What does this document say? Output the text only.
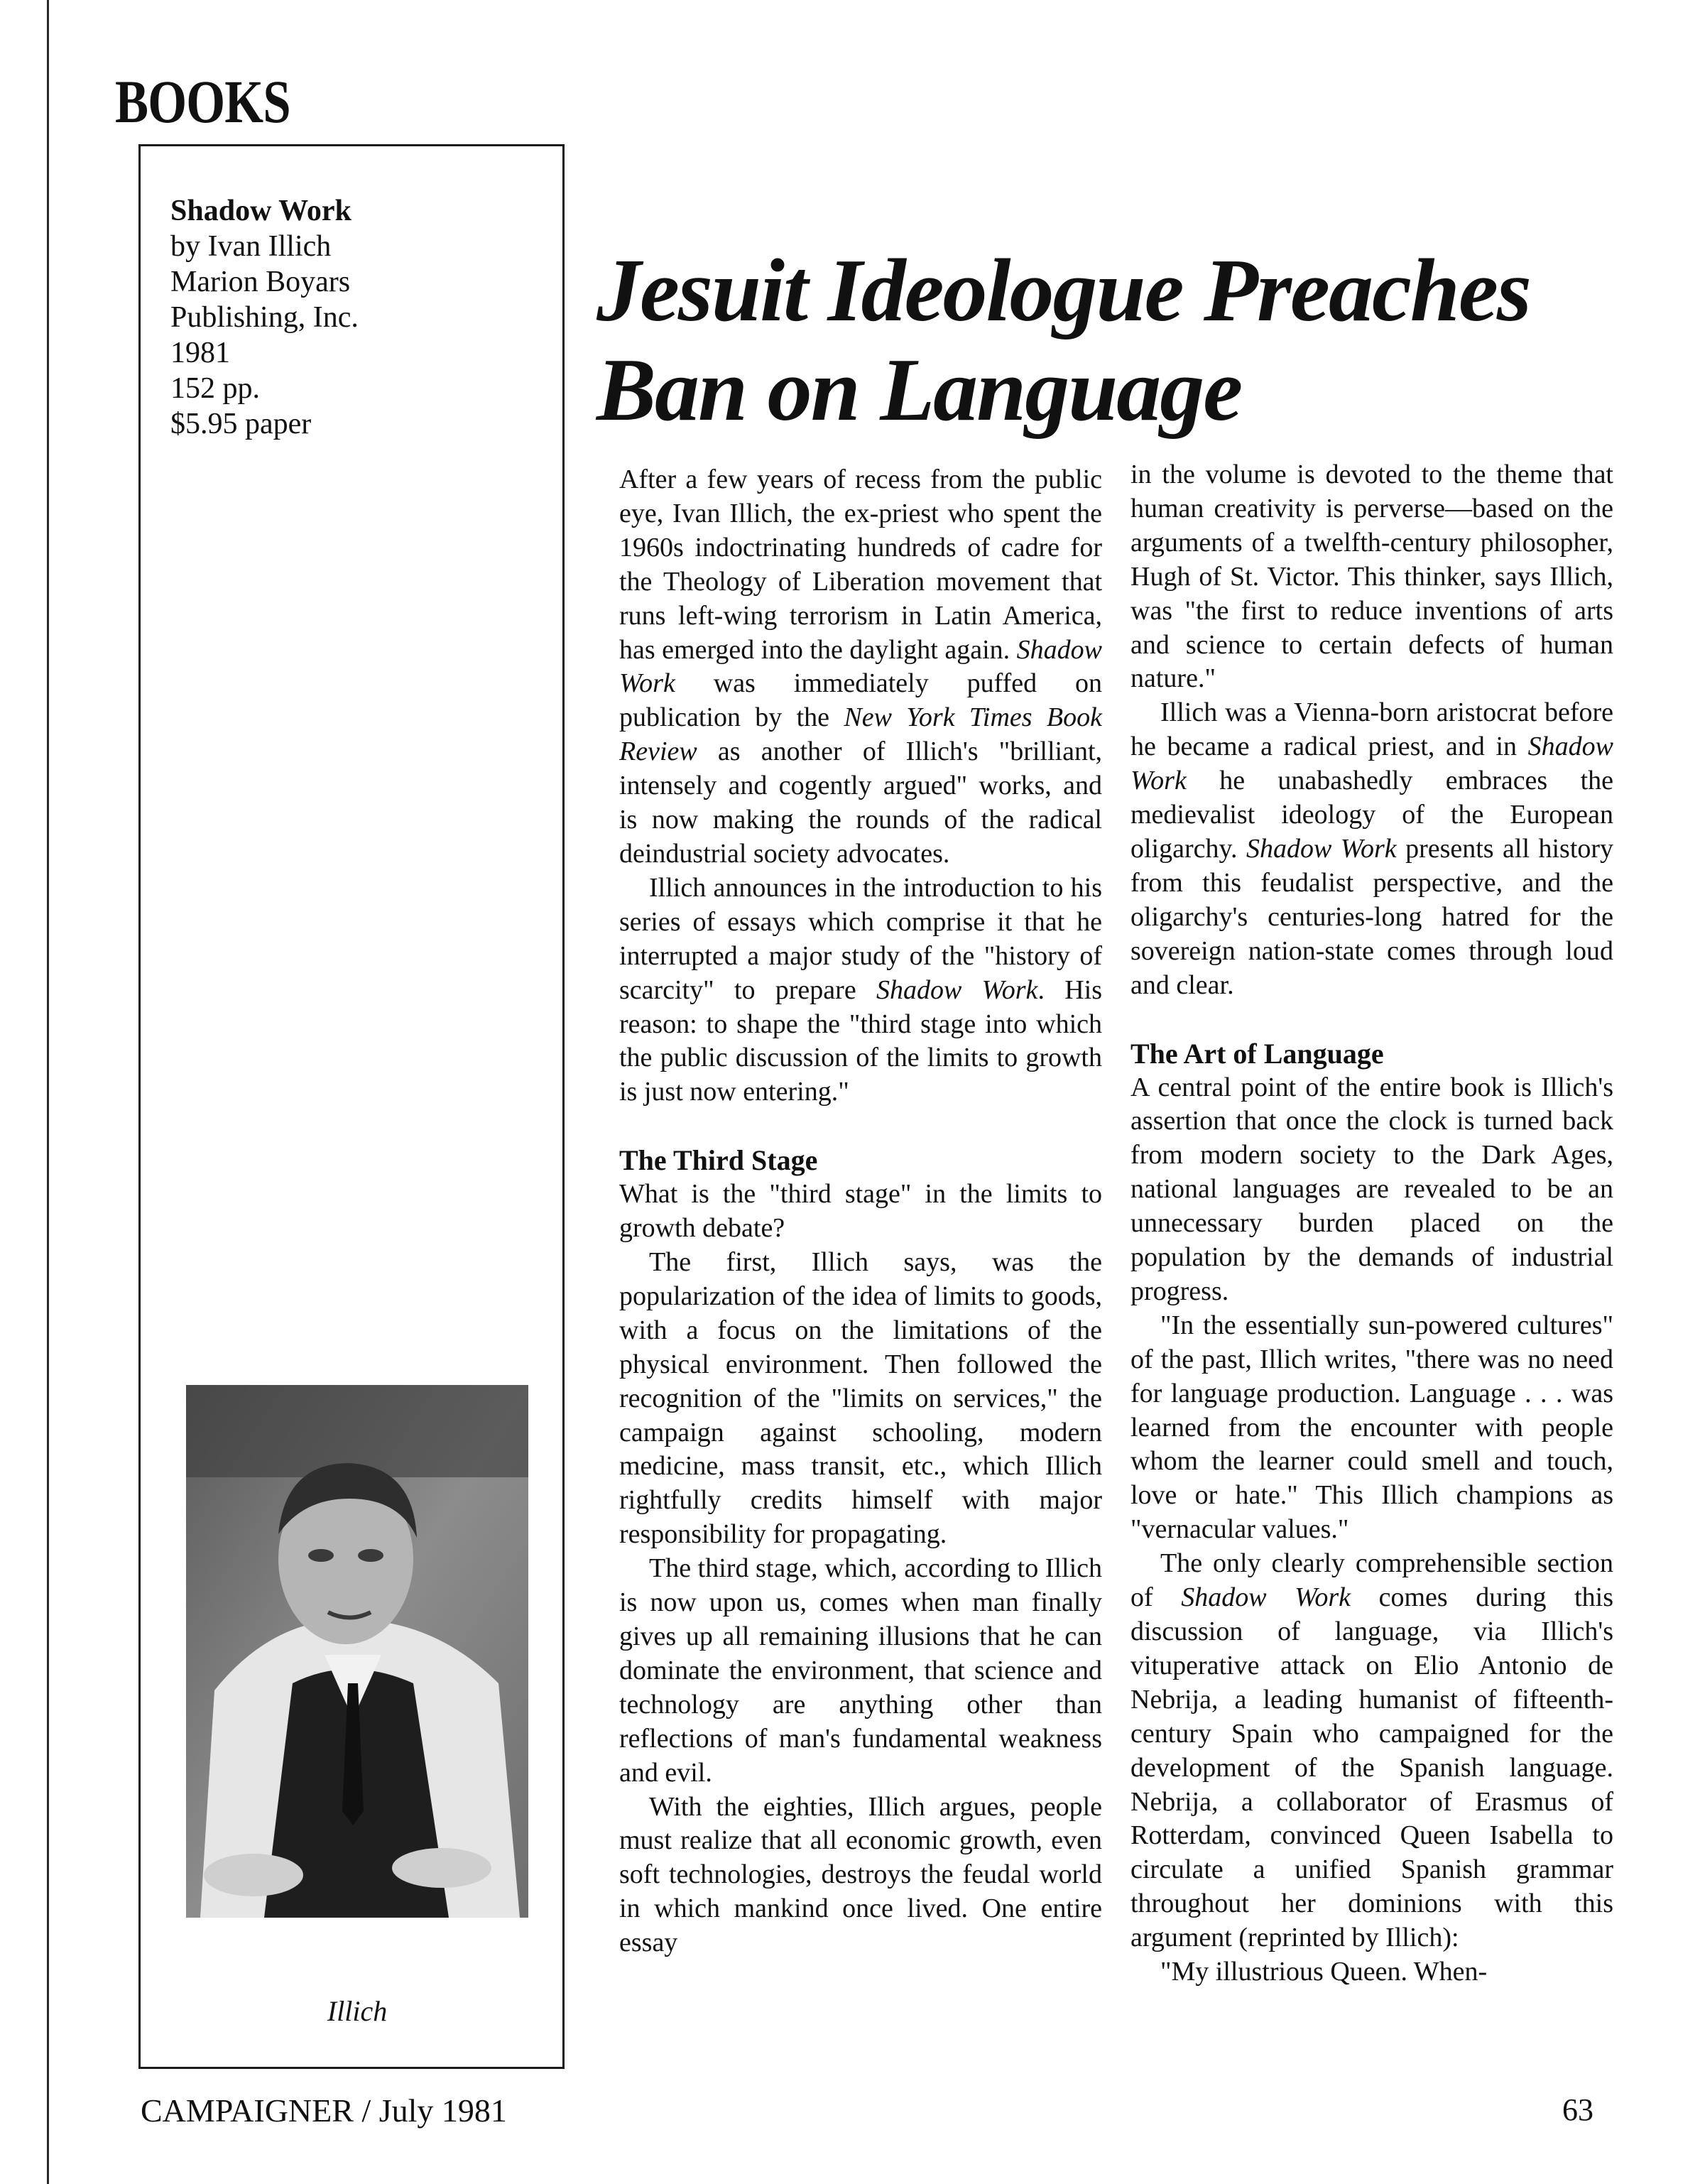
BOOKS
Shadow Work
by Ivan Illich
Marion Boyars
Publishing, Inc.
1981
152 pp.
$5.95 paper
Illich
Jesuit Ideologue Preaches
Ban on Language

After a few years of recess from the public eye, Ivan Illich, the ex-priest who spent the 1960s indoctrinating hundreds of cadre for the Theology of Liberation movement that runs left-wing terrorism in Latin America, has emerged into the daylight again. Shadow Work was immediately puffed on publication by the New York Times Book Review as another of Illich's "brilliant, intensely and cogently argued" works, and is now making the rounds of the radical deindustrial society advocates.

Illich announces in the introduction to his series of essays which comprise it that he interrupted a major study of the "history of scarcity" to prepare Shadow Work. His reason: to shape the "third stage into which the public discussion of the limits to growth is just now entering."

The Third Stage

What is the "third stage" in the limits to growth debate?

The first, Illich says, was the popularization of the idea of limits to goods, with a focus on the limitations of the physical environment. Then followed the recognition of the "limits on services," the campaign against schooling, modern medicine, mass transit, etc., which Illich rightfully credits himself with major responsibility for propagating.

The third stage, which, according to Illich is now upon us, comes when man finally gives up all remaining illusions that he can dominate the environment, that science and technology are anything other than reflections of man's fundamental weakness and evil.

With the eighties, Illich argues, people must realize that all economic growth, even soft technologies, destroys the feudal world in which mankind once lived. One entire essay

in the volume is devoted to the theme that human creativity is perverse—based on the arguments of a twelfth-century philosopher, Hugh of St. Victor. This thinker, says Illich, was "the first to reduce inventions of arts and science to certain defects of human nature."

Illich was a Vienna-born aristocrat before he became a radical priest, and in Shadow Work he unabashedly embraces the medievalist ideology of the European oligarchy. Shadow Work presents all history from this feudalist perspective, and the oligarchy's centuries-long hatred for the sovereign nation-state comes through loud and clear.

The Art of Language

A central point of the entire book is Illich's assertion that once the clock is turned back from modern society to the Dark Ages, national languages are revealed to be an unnecessary burden placed on the population by the demands of industrial progress.

"In the essentially sun-powered cultures" of the past, Illich writes, "there was no need for language production. Language . . . was learned from the encounter with people whom the learner could smell and touch, love or hate." This Illich champions as "vernacular values."

The only clearly comprehensible section of Shadow Work comes during this discussion of language, via Illich's vituperative attack on Elio Antonio de Nebrija, a leading humanist of fifteenth-century Spain who campaigned for the development of the Spanish language. Nebrija, a collaborator of Erasmus of Rotterdam, convinced Queen Isabella to circulate a unified Spanish grammar throughout her dominions with this argument (reprinted by Illich):

"My illustrious Queen. When-

CAMPAIGNER / July 1981	63
